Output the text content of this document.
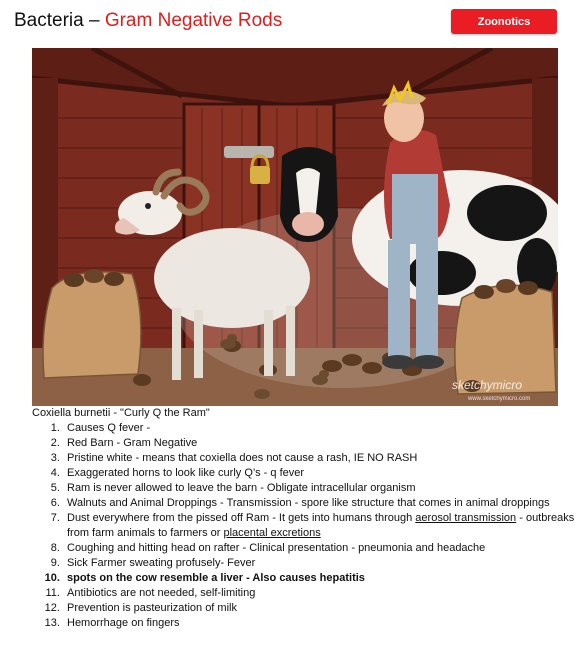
Bacteria – Gram Negative Rods	Zoonotics
sketchymicro
www.sketchymicro.com
Coxiella burnetii - "Curly Q the Ram"
1. Causes Q fever -
2. Red Barn - Gram Negative
3. Pristine white - means that coxiella does not cause a rash, IE NO RASH
4. Exaggerated horns to look like curly Q’s - q fever
5. Ram is never allowed to leave the barn - Obligate intracellular organism
6. Walnuts and Animal Droppings - Transmission - spore like structure that comes in animal droppings
7. Dust everywhere from the pissed off Ram - It gets into humans through aerosol transmission - outbreaks from farm animals to farmers or placental excretions
8. Coughing and hitting head on rafter - Clinical presentation - pneumonia and headache
9. Sick Farmer sweating profusely- Fever
10. spots on the cow resemble a liver - Also causes hepatitis
11. Antibiotics are not needed, self-limiting
12. Prevention is pasteurization of milk
13. Hemorrhage on fingers
